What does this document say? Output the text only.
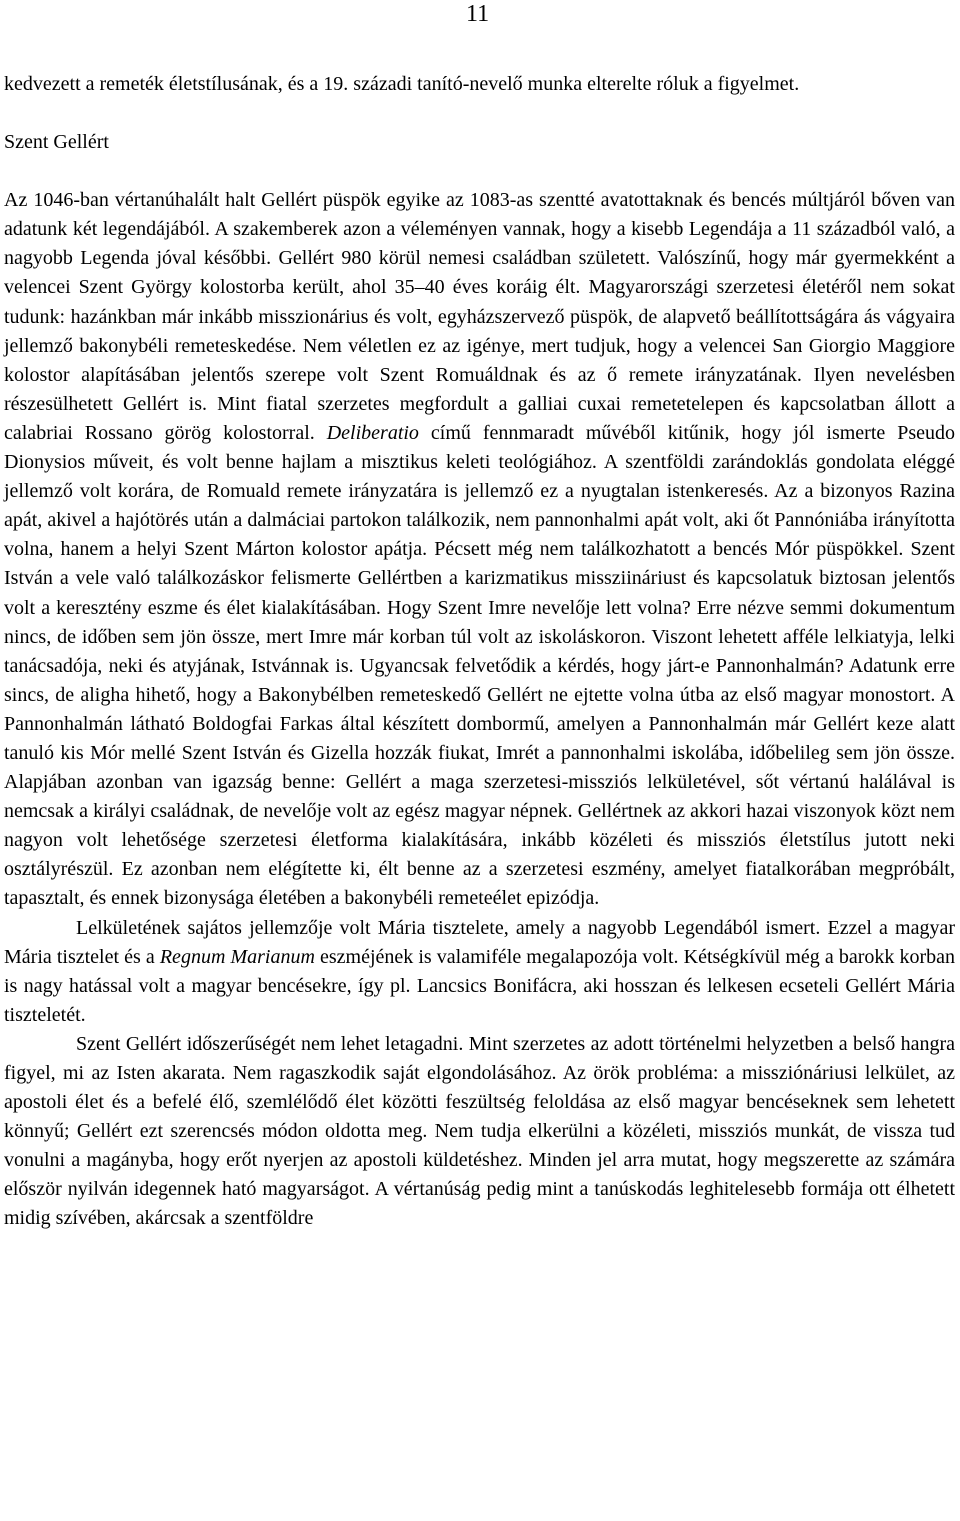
11

kedvezett a remeték életstílusának, és a 19. századi tanító-nevelő munka elterelte róluk a figyelmet.

Szent Gellért

Az 1046-ban vértanúhalált halt Gellért püspök egyike az 1083-as szentté avatottaknak és bencés múltjáról bőven van adatunk két legendájából. A szakemberek azon a véleményen vannak, hogy a kisebb Legendája a 11 századból való, a nagyobb Legenda jóval későbbi. Gellért 980 körül nemesi családban született. Valószínű, hogy már gyermekként a velencei Szent György kolostorba került, ahol 35–40 éves koráig élt. Magyarországi szerzetesi életéről nem sokat tudunk: hazánkban már inkább misszionárius és volt, egyházszervező püspök, de alapvető beállítottságára ás vágyaira jellemző bakonybéli remeteskedése. Nem véletlen ez az igénye, mert tudjuk, hogy a velencei San Giorgio Maggiore kolostor alapításában jelentős szerepe volt Szent Romuáldnak és az ő remete irányzatának. Ilyen nevelésben részesülhetett Gellért is. Mint fiatal szerzetes megfordult a galliai cuxai remetetelepen és kapcsolatban állott a calabriai Rossano görög kolostorral. Deliberatio című fennmaradt művéből kitűnik, hogy jól ismerte Pseudo Dionysios műveit, és volt benne hajlam a misztikus keleti teológiához. A szentföldi zarándoklás gondolata eléggé jellemző volt korára, de Romuald remete irányzatára is jellemző ez a nyugtalan istenkeresés. Az a bizonyos Razina apát, akivel a hajótörés után a dalmáciai partokon találkozik, nem pannonhalmi apát volt, aki őt Pannóniába irányította volna, hanem a helyi Szent Márton kolostor apátja. Pécsett még nem találkozhatott a bencés Mór püspökkel. Szent István a vele való találkozáskor felismerte Gellértben a karizmatikus missziináriust és kapcsolatuk biztosan jelentős volt a keresztény eszme és élet kialakításában. Hogy Szent Imre nevelője lett volna? Erre nézve semmi dokumentum nincs, de időben sem jön össze, mert Imre már korban túl volt az iskoláskoron. Viszont lehetett afféle lelkiatyja, lelki tanácsadója, neki és atyjának, Istvánnak is. Ugyancsak felvetődik a kérdés, hogy járt-e Pannonhalmán? Adatunk erre sincs, de aligha hihető, hogy a Bakonybélben remeteskedő Gellért ne ejtette volna útba az első magyar monostort. A Pannonhalmán látható Boldogfai Farkas által készített dombormű, amelyen a Pannonhalmán már Gellért keze alatt tanuló kis Mór mellé Szent István és Gizella hozzák fiukat, Imrét a pannonhalmi iskolába, időbelileg sem jön össze. Alapjában azonban van igazság benne: Gellért a maga szerzetesi-missziós lelkületével, sőt vértanú halálával is nemcsak a királyi családnak, de nevelője volt az egész magyar népnek. Gellértnek az akkori hazai viszonyok közt nem nagyon volt lehetősége szerzetesi életforma kialakítására, inkább közéleti és missziós életstílus jutott neki osztályrészül. Ez azonban nem elégítette ki, élt benne az a szerzetesi eszmény, amelyet fiatalkorában megpróbált, tapasztalt, és ennek bizonysága életében a bakonybéli remeteélet epizódja.

Lelkületének sajátos jellemzője volt Mária tisztelete, amely a nagyobb Legendából ismert. Ezzel a magyar Mária tisztelet és a Regnum Marianum eszméjének is valamiféle megalapozója volt. Kétségkívül még a barokk korban is nagy hatással volt a magyar bencésekre, így pl. Lancsics Bonifácra, aki hosszan és lelkesen ecseteli Gellért Mária tiszteletét.

Szent Gellért időszerűségét nem lehet letagadni. Mint szerzetes az adott történelmi helyzetben a belső hangra figyel, mi az Isten akarata. Nem ragaszkodik saját elgondolásához. Az örök probléma: a missziónáriusi lelkület, az apostoli élet és a befelé élő, szemlélődő élet közötti feszültség feloldása az első magyar bencéseknek sem lehetett könnyű; Gellért ezt szerencsés módon oldotta meg. Nem tudja elkerülni a közéleti, missziós munkát, de vissza tud vonulni a magányba, hogy erőt nyerjen az apostoli küldetéshez. Minden jel arra mutat, hogy megszerette az számára először nyilván idegennek ható magyarságot. A vértanúság pedig mint a tanúskodás leghitelesebb formája ott élhetett midig szívében, akárcsak a szentföldre
